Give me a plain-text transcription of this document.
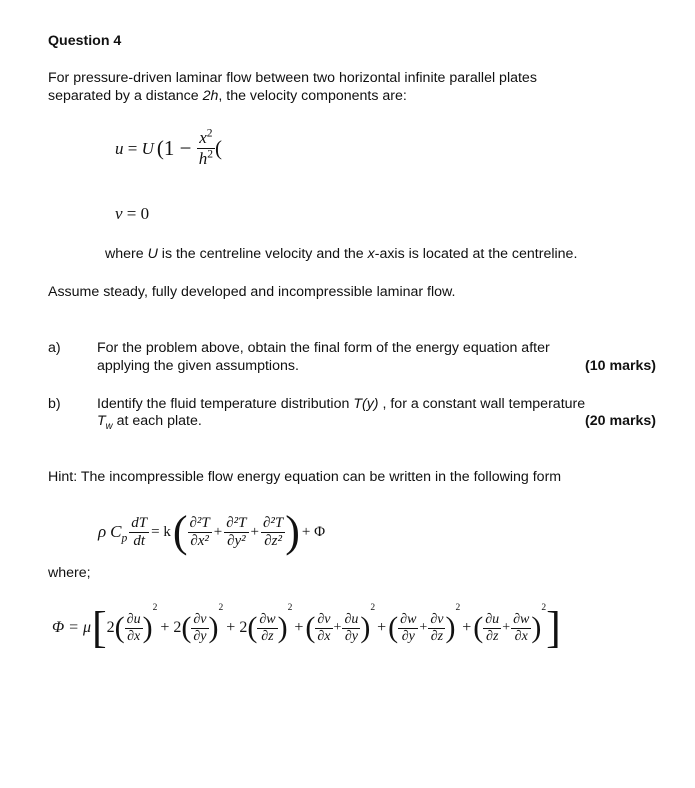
Question 4
For pressure-driven laminar flow between two horizontal infinite parallel plates
separated by a distance 2h, the velocity components are:
u = U ($1 - \frac{x^2}{h^2}$ (
v = 0
where U is the centreline velocity and the x-axis is located at the centreline.
Assume steady, fully developed and incompressible laminar flow.
a)	For the problem above, obtain the final form of the energy equation after
applying the given assumptions.	(10 marks)
b)	Identify the fluid temperature distribution T(y) , for a constant wall temperature
$T_w$ at each plate.	(20 marks)
Hint: The incompressible flow energy equation can be written in the following form
ρ $C_p \frac{dT}{dt} = k$ ( $\frac{\text{∂²T}}{\text{∂x²}} + \frac{\text{∂²T}}{\text{∂y²}} + \frac{\text{∂²T}}{\text{∂z²}}$ ) + Φ
where;
Φ = μ [ 2 ( $\frac{\partial u}{\partial x}$ )
2
+ 2 ( $\frac{\partial v}{\partial y}$ )
2
+ 2 ( $\frac{\partial w}{\partial z}$ )
2
+ ( $\frac{\partial v}{\partial x} + \frac{\partial u}{\partial y}$ )
2
+ ( $\frac{\partial w}{\partial y} + \frac{\partial v}{\partial z}$ )
2
+ ( $\frac{\partial u}{\partial z} + \frac{\partial w}{\partial x}$ )
2 ]
